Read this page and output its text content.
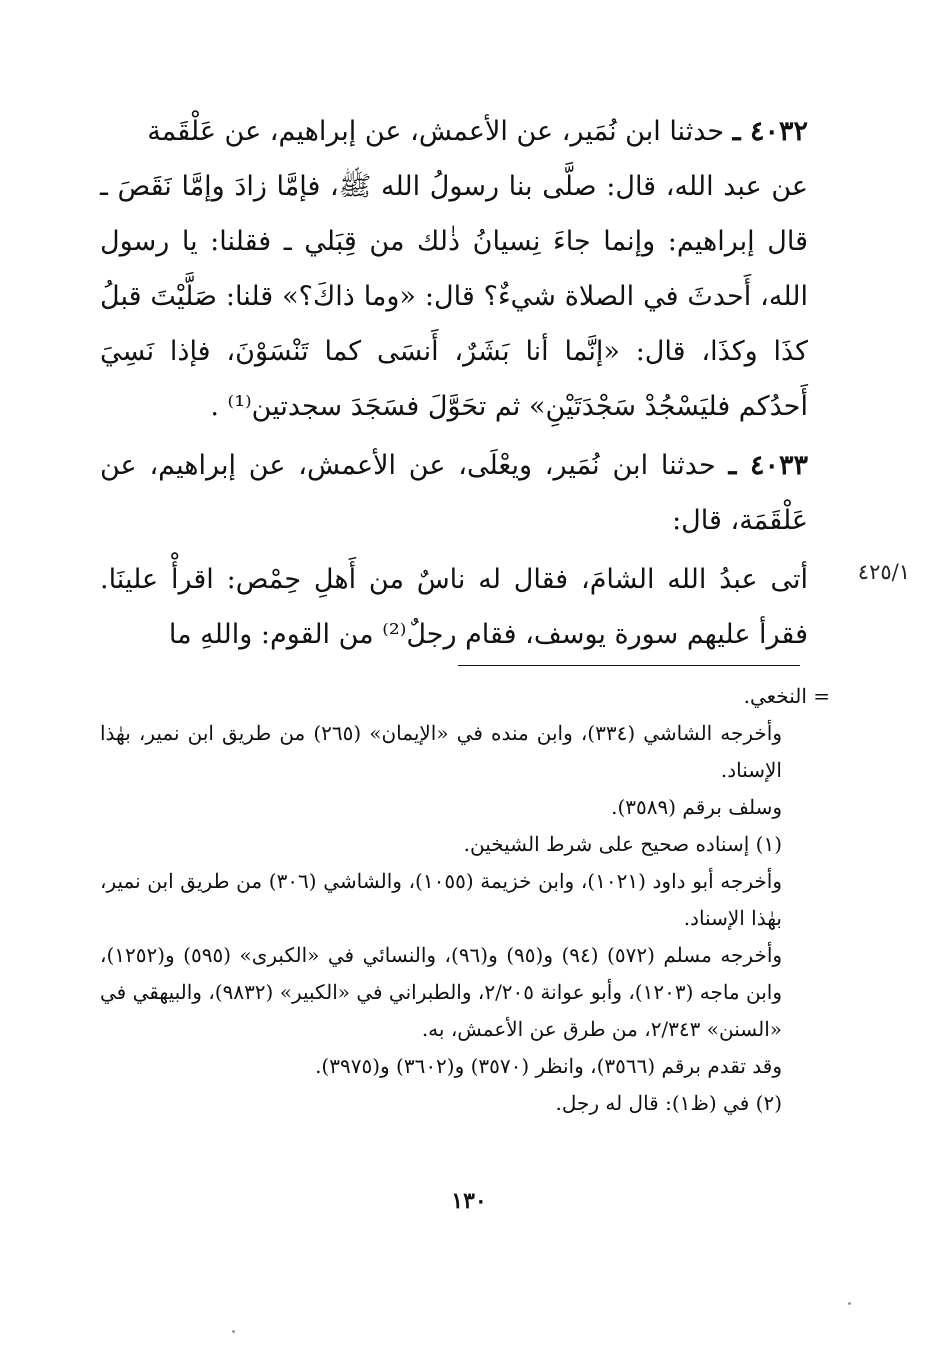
٤٠٣٢ ـ حدثنا ابن نُمَير، عن الأعمش، عن إبراهيم، عن عَلْقَمة

عن عبد الله، قال: صلَّى بنا رسولُ الله ﷺ، فإمَّا زادَ وإمَّا نَقَصَ ـ قال إبراهيم: وإنما جاءَ نِسيانُ ذٰلك من قِبَلي ـ فقلنا: يا رسول الله، أَحدثَ في الصلاة شيءٌ؟ قال: «وما ذاكَ؟» قلنا: صَلَّيْتَ قبلُ كذَا وكذَا، قال: «إنَّما أنا بَشَرٌ، أَنسَى كما تَنْسَوْنَ، فإذا نَسِيَ أَحدُكم فليَسْجُدْ سَجْدَتَيْنِ» ثم تحَوَّلَ فسَجَدَ سجدتين⁽¹⁾ .

٤٠٣٣ ـ حدثنا ابن نُمَير، ويعْلَى، عن الأعمش، عن إبراهيم، عن عَلْقَمَة، قال:

أتى عبدُ الله الشامَ، فقال له ناسٌ من أَهلِ حِمْص: اقرأْ علينَا. فقرأ عليهم سورة يوسف، فقام رجلٌ⁽²⁾ من القوم: واللهِ ما

٤٢٥/١

= النخعي.

وأخرجه الشاشي (٣٣٤)، وابن منده في «الإيمان» (٢٦٥) من طريق ابن نمير، بهٰذا الإسناد.

وسلف برقم (٣٥٨٩).

(١) إسناده صحيح على شرط الشيخين.

وأخرجه أبو داود (١٠٢١)، وابن خزيمة (١٠٥٥)، والشاشي (٣٠٦) من طريق ابن نمير، بهٰذا الإسناد.

وأخرجه مسلم (٥٧٢) (٩٤) و(٩٥) و(٩٦)، والنسائي في «الكبرى» (٥٩٥) و(١٢٥٢)، وابن ماجه (١٢٠٣)، وأبو عوانة ٢/٢٠٥، والطبراني في «الكبير» (٩٨٣٢)، والبيهقي في «السنن» ٢/٣٤٣، من طرق عن الأعمش، به.

وقد تقدم برقم (٣٥٦٦)، وانظر (٣٥٧٠) و(٣٦٠٢) و(٣٩٧٥).

(٢) في (ظ١): قال له رجل.

١٣٠
